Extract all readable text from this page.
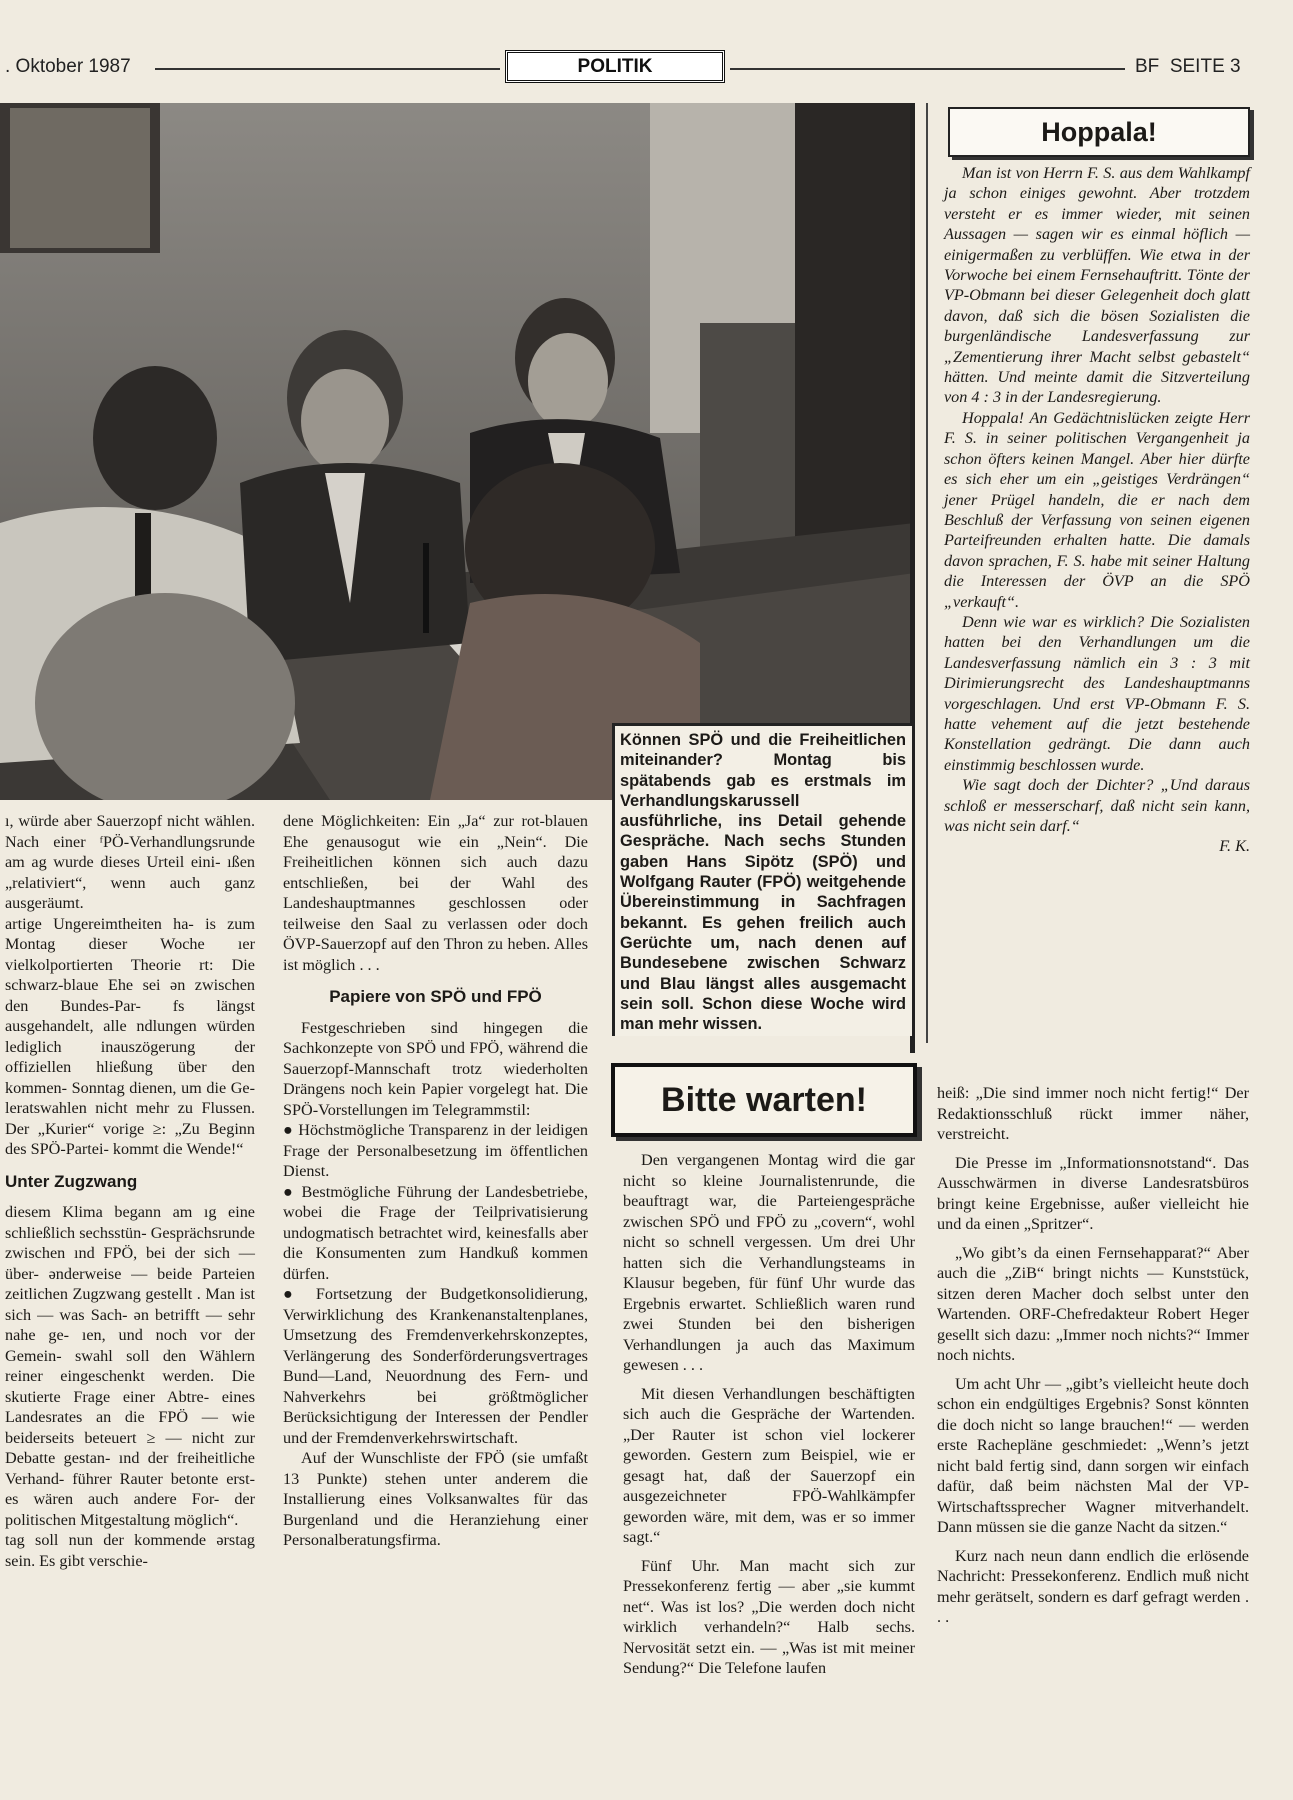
. Oktober 1987	POLITIK	BF  SEITE 3
Können SPÖ und die Freiheitlichen miteinander? Montag bis spätabends gab es erstmals im Verhandlungskarussell ausführliche, ins Detail gehende Gespräche. Nach sechs Stunden gaben Hans Sipötz (SPÖ) und Wolfgang Rauter (FPÖ) weitgehende Übereinstimmung in Sachfragen bekannt. Es gehen freilich auch Gerüchte um, nach denen auf Bundesebene zwischen Schwarz und Blau längst alles ausgemacht sein soll. Schon diese Woche wird man mehr wissen.

ı, würde aber Sauerzopf nicht wählen. Nach einer ᶠPÖ-Verhandlungsrunde am ag wurde dieses Urteil eini- ıßen „relativiert“, wenn auch ganz ausgeräumt.

artige Ungereimtheiten ha- is zum Montag dieser Woche ıer vielkolportierten Theorie rt: Die schwarz-blaue Ehe sei ən zwischen den Bundes-Par- fs längst ausgehandelt, alle ndlungen würden lediglich inauszögerung der offiziellen hließung über den kommen- Sonntag dienen, um die Ge- leratswahlen nicht mehr zu Flussen. Der „Kurier“ vorige ≥: „Zu Beginn des SPÖ-Partei- kommt die Wende!“

Unter Zugzwang

diesem Klima begann am ıg eine schließlich sechsstün- Gesprächsrunde zwischen ınd FPÖ, bei der sich — über- ənderweise — beide Parteien zeitlichen Zugzwang gestellt . Man ist sich — was Sach- ən betrifft — sehr nahe ge- ıen, und noch vor der Gemein- swahl soll den Wählern reiner eingeschenkt werden. Die skutierte Frage einer Abtre- eines Landesrates an die FPÖ — wie beiderseits beteuert ≥ — nicht zur Debatte gestan- ınd der freiheitliche Verhand- führer Rauter betonte erst- es wären auch andere For- der politischen Mitgestaltung möglich“.

tag soll nun der kommende ərstag sein. Es gibt verschie-

dene Möglichkeiten: Ein „Ja“ zur rot-blauen Ehe genausogut wie ein „Nein“. Die Freiheitlichen können sich auch dazu entschließen, bei der Wahl des Landeshauptmannes geschlossen oder teilweise den Saal zu verlassen oder doch ÖVP-Sauerzopf auf den Thron zu heben. Alles ist möglich . . .

Papiere von SPÖ und FPÖ

Festgeschrieben sind hingegen die Sachkonzepte von SPÖ und FPÖ, während die Sauerzopf-Mannschaft trotz wiederholten Drängens noch kein Papier vorgelegt hat. Die SPÖ-Vorstellungen im Telegrammstil:

● Höchstmögliche Transparenz in der leidigen Frage der Personalbesetzung im öffentlichen Dienst.

● Bestmögliche Führung der Landesbetriebe, wobei die Frage der Teilprivatisierung undogmatisch betrachtet wird, keinesfalls aber die Konsumenten zum Handkuß kommen dürfen.

● Fortsetzung der Budgetkonsolidierung, Verwirklichung des Krankenanstaltenplanes, Umsetzung des Fremdenverkehrskonzeptes, Verlängerung des Sonderförderungsvertrages Bund—Land, Neuordnung des Fern- und Nahverkehrs bei größtmöglicher Berücksichtigung der Interessen der Pendler und der Fremdenverkehrswirtschaft.

Auf der Wunschliste der FPÖ (sie umfaßt 13 Punkte) stehen unter anderem die Installierung eines Volksanwaltes für das Burgenland und die Heranziehung einer Personalberatungsfirma.

Hoppala!

Man ist von Herrn F. S. aus dem Wahlkampf ja schon einiges gewohnt. Aber trotzdem versteht er es immer wieder, mit seinen Aussagen — sagen wir es einmal höflich — einigermaßen zu verblüffen. Wie etwa in der Vorwoche bei einem Fernsehauftritt. Tönte der VP-Obmann bei dieser Gelegenheit doch glatt davon, daß sich die bösen Sozialisten die burgenländische Landesverfassung zur „Zementierung ihrer Macht selbst gebastelt“ hätten. Und meinte damit die Sitzverteilung von 4 : 3 in der Landesregierung.

Hoppala! An Gedächtnislücken zeigte Herr F. S. in seiner politischen Vergangenheit ja schon öfters keinen Mangel. Aber hier dürfte es sich eher um ein „geistiges Verdrängen“ jener Prügel handeln, die er nach dem Beschluß der Verfassung von seinen eigenen Parteifreunden erhalten hatte. Die damals davon sprachen, F. S. habe mit seiner Haltung die Interessen der ÖVP an die SPÖ „verkauft“.

Denn wie war es wirklich? Die Sozialisten hatten bei den Verhandlungen um die Landesverfassung nämlich ein 3 : 3 mit Dirimierungsrecht des Landeshauptmanns vorgeschlagen. Und erst VP-Obmann F. S. hatte vehement auf die jetzt bestehende Konstellation gedrängt. Die dann auch einstimmig beschlossen wurde.

Wie sagt doch der Dichter? „Und daraus schloß er messerscharf, daß nicht sein kann, was nicht sein darf.“

F. K.
Bitte warten!

Den vergangenen Montag wird die gar nicht so kleine Journalistenrunde, die beauftragt war, die Parteiengespräche zwischen SPÖ und FPÖ zu „covern“, wohl nicht so schnell vergessen. Um drei Uhr hatten sich die Verhandlungsteams in Klausur begeben, für fünf Uhr wurde das Ergebnis erwartet. Schließlich waren rund zwei Stunden bei den bisherigen Verhandlungen ja auch das Maximum gewesen . . .

Mit diesen Verhandlungen beschäftigten sich auch die Gespräche der Wartenden. „Der Rauter ist schon viel lockerer geworden. Gestern zum Beispiel, wie er gesagt hat, daß der Sauerzopf ein ausgezeichneter FPÖ-Wahlkämpfer geworden wäre, mit dem, was er so immer sagt.“

Fünf Uhr. Man macht sich zur Pressekonferenz fertig — aber „sie kummt net“. Was ist los? „Die werden doch nicht wirklich verhandeln?“ Halb sechs. Nervosität setzt ein. — „Was ist mit meiner Sendung?“ Die Telefone laufen

heiß: „Die sind immer noch nicht fertig!“ Der Redaktionsschluß rückt immer näher, verstreicht.

Die Presse im „Informationsnotstand“. Das Ausschwärmen in diverse Landesratsbüros bringt keine Ergebnisse, außer vielleicht hie und da einen „Spritzer“.

„Wo gibt’s da einen Fernsehapparat?“ Aber auch die „ZiB“ bringt nichts — Kunststück, sitzen deren Macher doch selbst unter den Wartenden. ORF-Chefredakteur Robert Heger gesellt sich dazu: „Immer noch nichts?“ Immer noch nichts.

Um acht Uhr — „gibt’s vielleicht heute doch schon ein endgültiges Ergebnis? Sonst könnten die doch nicht so lange brauchen!“ — werden erste Rachepläne geschmiedet: „Wenn’s jetzt nicht bald fertig sind, dann sorgen wir einfach dafür, daß beim nächsten Mal der VP-Wirtschaftssprecher Wagner mitverhandelt. Dann müssen sie die ganze Nacht da sitzen.“

Kurz nach neun dann endlich die erlösende Nachricht: Pressekonferenz. Endlich muß nicht mehr gerätselt, sondern es darf gefragt werden . . .
